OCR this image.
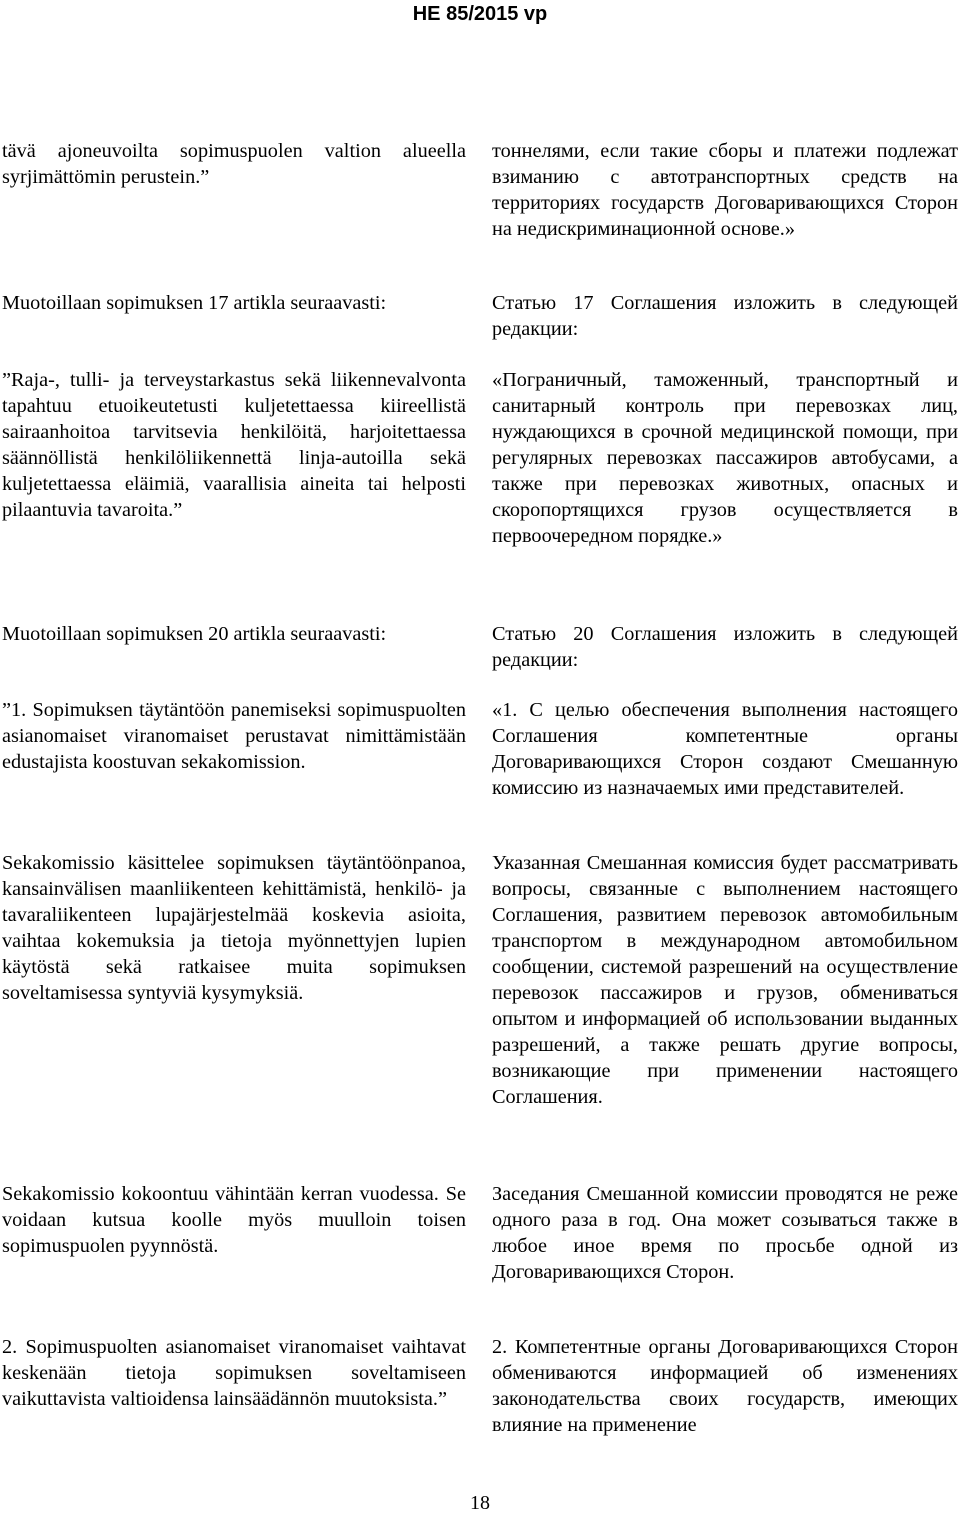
HE 85/2015 vp

tävä ajoneuvoilta sopimuspuolen valtion alueella syrjimättömin perustein.”

Muotoillaan sopimuksen 17 artikla seuraavasti:

”Raja-, tulli- ja terveystarkastus sekä liikennevalvonta tapahtuu etuoikeutetusti kuljetettaessa kiireellistä sairaanhoitoa tarvitsevia henkilöitä, harjoitettaessa säännöllistä henkilöliikennettä linja-autoilla sekä kuljetettaessa eläimiä, vaarallisia aineita tai helposti pilaantuvia tavaroita.”

Muotoillaan sopimuksen 20 artikla seuraavasti:

”1. Sopimuksen täytäntöön panemiseksi sopimuspuolten asianomaiset viranomaiset perustavat nimittämistään edustajista koostuvan sekakomission.

Sekakomissio käsittelee sopimuksen täytäntöönpanoa, kansainvälisen maanliikenteen kehittämistä, henkilö- ja tavaraliikenteen lupajärjestelmää koskevia asioita, vaihtaa kokemuksia ja tietoja myönnettyjen lupien käytöstä sekä ratkaisee muita sopimuksen soveltamisessa syntyviä kysymyksiä.

Sekakomissio kokoontuu vähintään kerran vuodessa. Se voidaan kutsua koolle myös muulloin toisen sopimuspuolen pyynnöstä.

2. Sopimuspuolten asianomaiset viranomaiset vaihtavat keskenään tietoja sopimuksen soveltamiseen vaikuttavista valtioidensa lainsäädännön muutoksista.”

тоннелями, если такие сборы и платежи подлежат взиманию с автотранспортных средств на территориях государств Договаривающихся Сторон на недискриминационной основе.»

Статью 17 Соглашения изложить в следующей редакции:

«Пограничный, таможенный, транспортный и санитарный контроль при перевозках лиц, нуждающихся в срочной медицинской помощи, при регулярных перевозках пассажиров автобусами, а также при перевозках животных, опасных и скоропортящихся грузов осуществляется в первоочередном порядке.»

Статью 20 Соглашения изложить в следующей редакции:

«1. С целью обеспечения выполнения настоящего Соглашения компетентные органы Договаривающихся Сторон создают Смешанную комиссию из назначаемых ими представителей.

Указанная Смешанная комиссия будет рассматривать вопросы, связанные с выполнением настоящего Соглашения, развитием перевозок автомобильным транспортом в международном автомобильном сообщении, системой разрешений на осуществление перевозок пассажиров и грузов, обмениваться опытом и информацией об использовании выданных разрешений, а также решать другие вопросы, возникающие при применении настоящего Соглашения.

Заседания Смешанной комиссии проводятся не реже одного раза в год. Она может созываться также в любое иное время по просьбе одной из Договаривающихся Сторон.

2. Компетентные органы Договаривающихся Сторон обмениваются информацией об изменениях законодательства своих государств, имеющих влияние на применение

18
